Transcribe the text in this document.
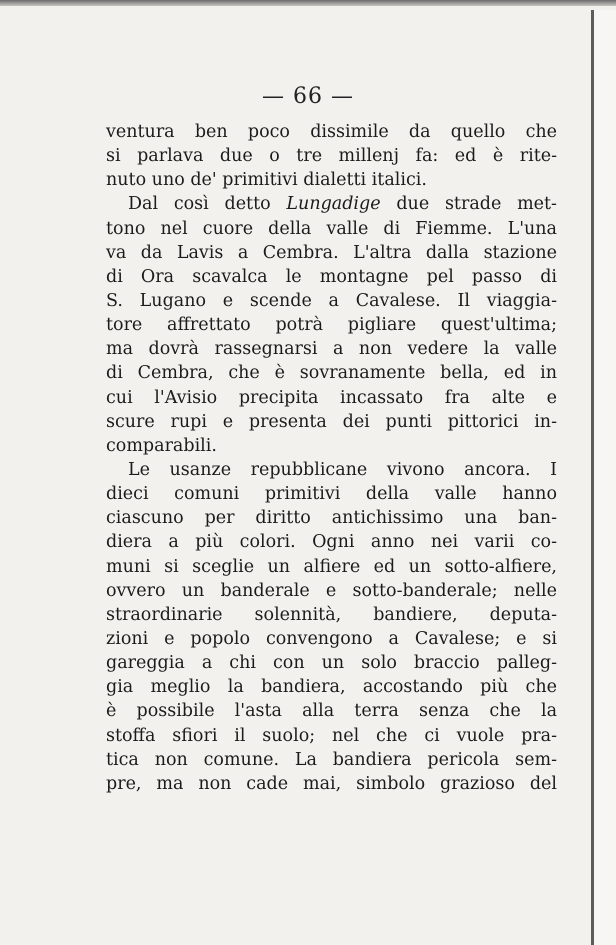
— 66 —
ventura ben poco dissimile da quello che
si parlava due o tre millenj fa: ed è rite-
nuto uno de' primitivi dialetti italici.
Dal così detto Lungadige due strade met-
tono nel cuore della valle di Fiemme. L'una
va da Lavis a Cembra. L'altra dalla stazione
di Ora scavalca le montagne pel passo di
S. Lugano e scende a Cavalese. Il viaggia-
tore affrettato potrà pigliare quest'ultima;
ma dovrà rassegnarsi a non vedere la valle
di Cembra, che è sovranamente bella, ed in
cui l'Avisio precipita incassato fra alte e
scure rupi e presenta dei punti pittorici in-
comparabili.
Le usanze repubblicane vivono ancora. I
dieci comuni primitivi della valle hanno
ciascuno per diritto antichissimo una ban-
diera a più colori. Ogni anno nei varii co-
muni si sceglie un alfiere ed un sotto-alfiere,
ovvero un banderale e sotto-banderale; nelle
straordinarie solennità, bandiere, deputa-
zioni e popolo convengono a Cavalese; e si
gareggia a chi con un solo braccio palleg-
gia meglio la bandiera, accostando più che
è possibile l'asta alla terra senza che la
stoffa sfiori il suolo; nel che ci vuole pra-
tica non comune. La bandiera pericola sem-
pre, ma non cade mai, simbolo grazioso del
